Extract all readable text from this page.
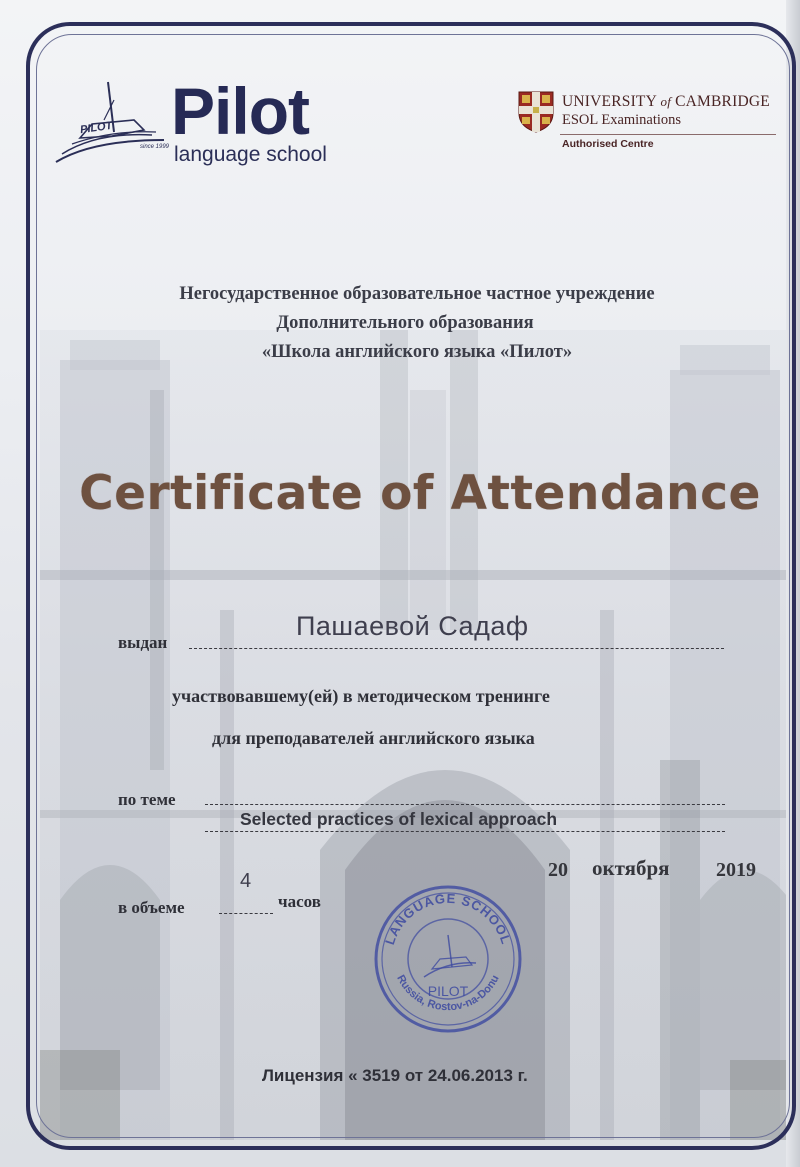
PILOT
since 1999 Pilot
language school
UNIVERSITY of CAMBRIDGE
ESOL Examinations
Authorised Centre
Негосударственное образовательное частное учреждение
Дополнительного образования
«Школа английского языка «Пилот»
Certificate of Attendance
выдан
Пашаевой Садаф
участвовавшему(ей) в методическом тренинге
для преподавателей английского языка
по теме
Selected practices of lexical approach
20 октября 2019
4
в объеме	часов
LANGUAGE SCHOOL
Russia, Rostov-na-Donu
PILOT
Лицензия « 3519 от 24.06.2013 г.
